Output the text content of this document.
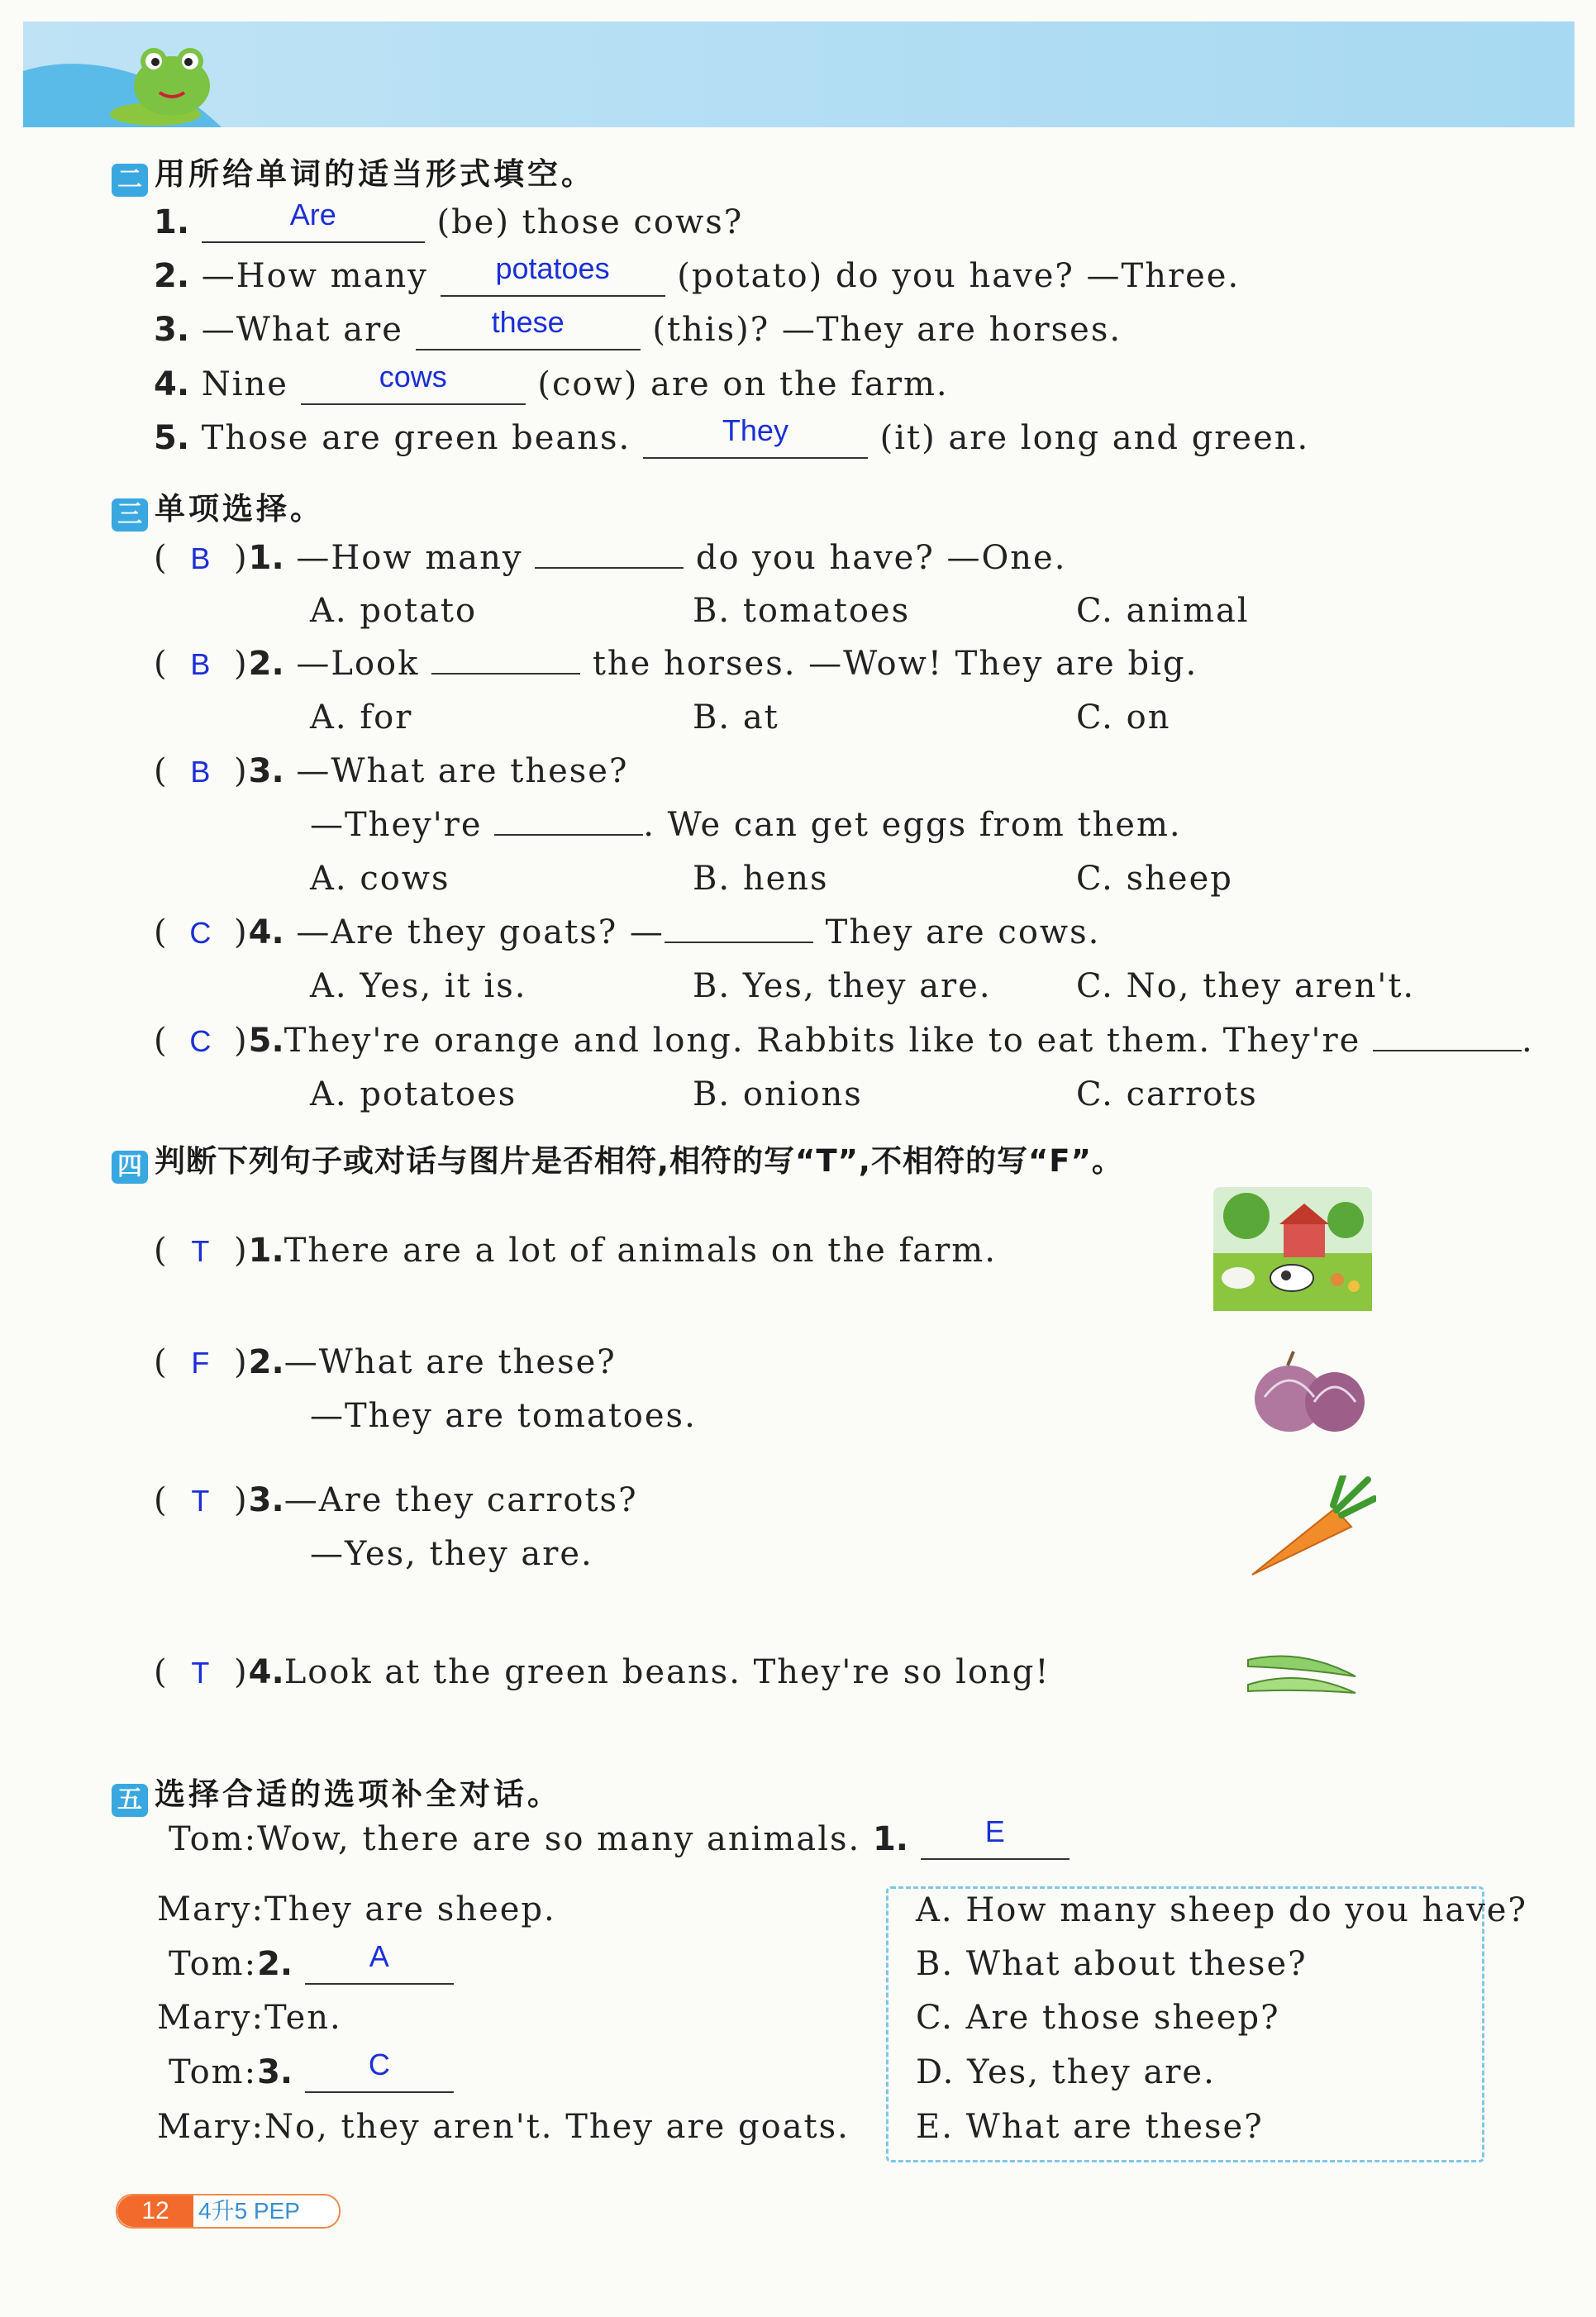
二 用所给单词的适当形式填空。
1.	Are	(be) those cows?
2. —How many potatoes (potato) do you have? —Three.
3. —What are	these	(this)? —They are horses.
4. Nine	cows	(cow) are on the farm.
5. Those are green beans.	They	(it) are long and green.
三 单项选择。
( B )1. —How many	do you have? —One.
A. potato	B. tomatoes	C. animal
( B )2. —Look	the horses. —Wow! They are big.
A. for	B. at	C. on
( B )3. —What are these?
—They're	. We can get eggs from them.
A. cows	B. hens	C. sheep
( C )4. —Are they goats? —	They are cows.
A. Yes, it is.	B. Yes, they are.	C. No, they aren't.
( C )5.They're orange and long. Rabbits like to eat them. They're	.
A. potatoes	B. onions	C. carrots
四 判断下列句子或对话与图片是否相符,相符的写“T”,不相符的写“F”。
( T )1.There are a lot of animals on the farm.
( F )2.—What are these?
—They are tomatoes.
( T )3.—Are they carrots?
—Yes, they are.
( T )4.Look at the green beans. They're so long!
五 选择合适的选项补全对话。
Tom:Wow, there are so many animals. 1.	E
Mary:They are sheep.
Tom:2.	A
Mary:Ten.
Tom:3.	C
Mary:No, they aren't. They are goats.
A. How many sheep do you have?
B. What about these?
C. Are those sheep?
D. Yes, they are.
E. What are these?
12	4升5 PEP
